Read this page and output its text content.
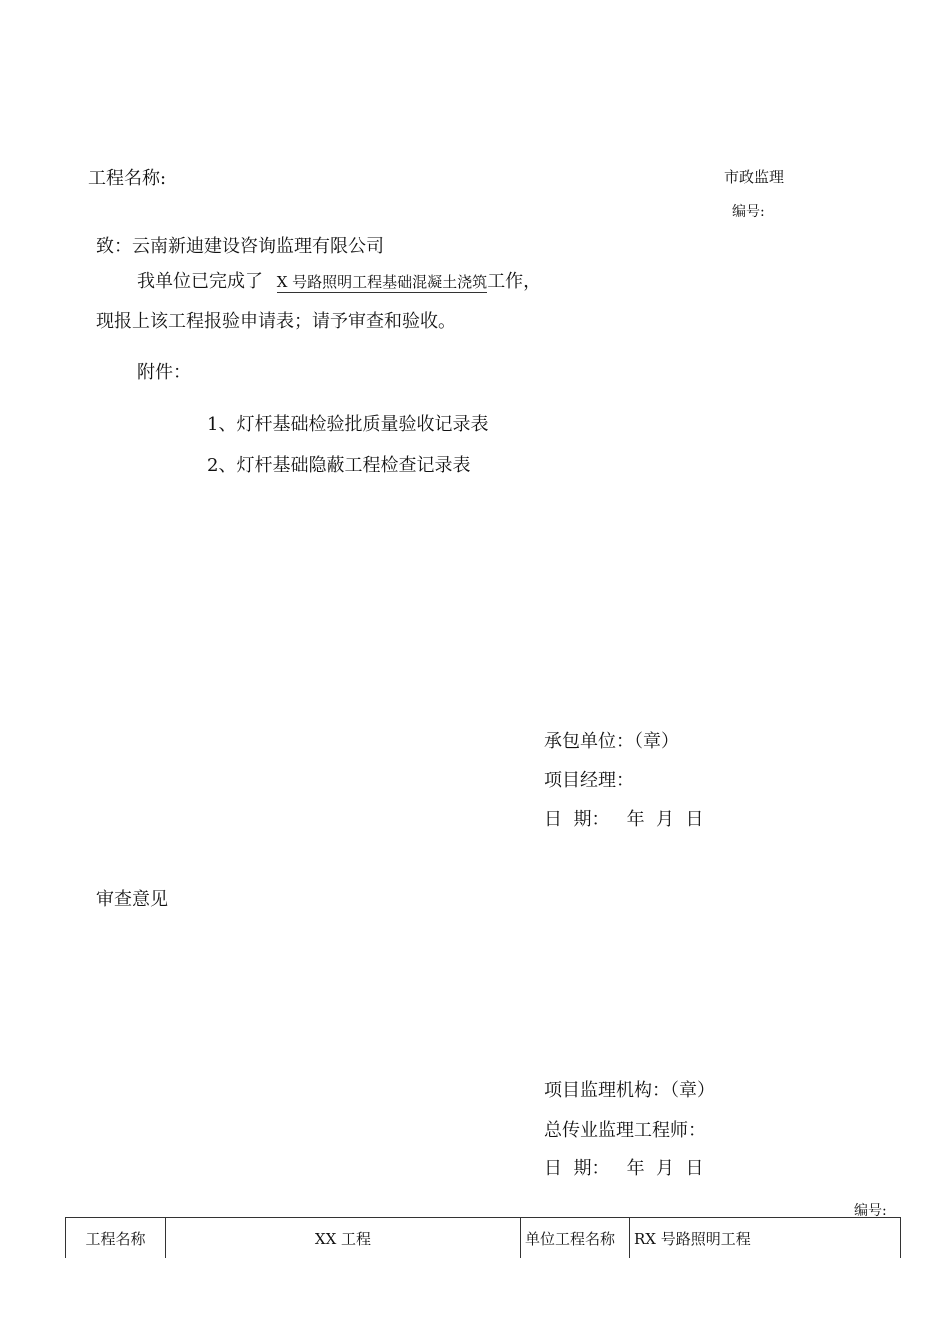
工程名称:	市政监理
编号:
致：云南新迪建设咨询监理有限公司
我单位已完成了 X 号路照明工程基础混凝土浇筑工作，
现报上该工程报验申请表；请予审查和验收。
附件：
1、灯杆基础检验批质量验收记录表
2、灯杆基础隐蔽工程检查记录表
承包单位：（章）
项目经理：
日  期：   年  月  日
审查意见
项目监理机构：（章）
总传业监理工程师：
日  期：   年  月  日
编号:
工程名称	XX 工程	单位工程名称	RX 号路照明工程
